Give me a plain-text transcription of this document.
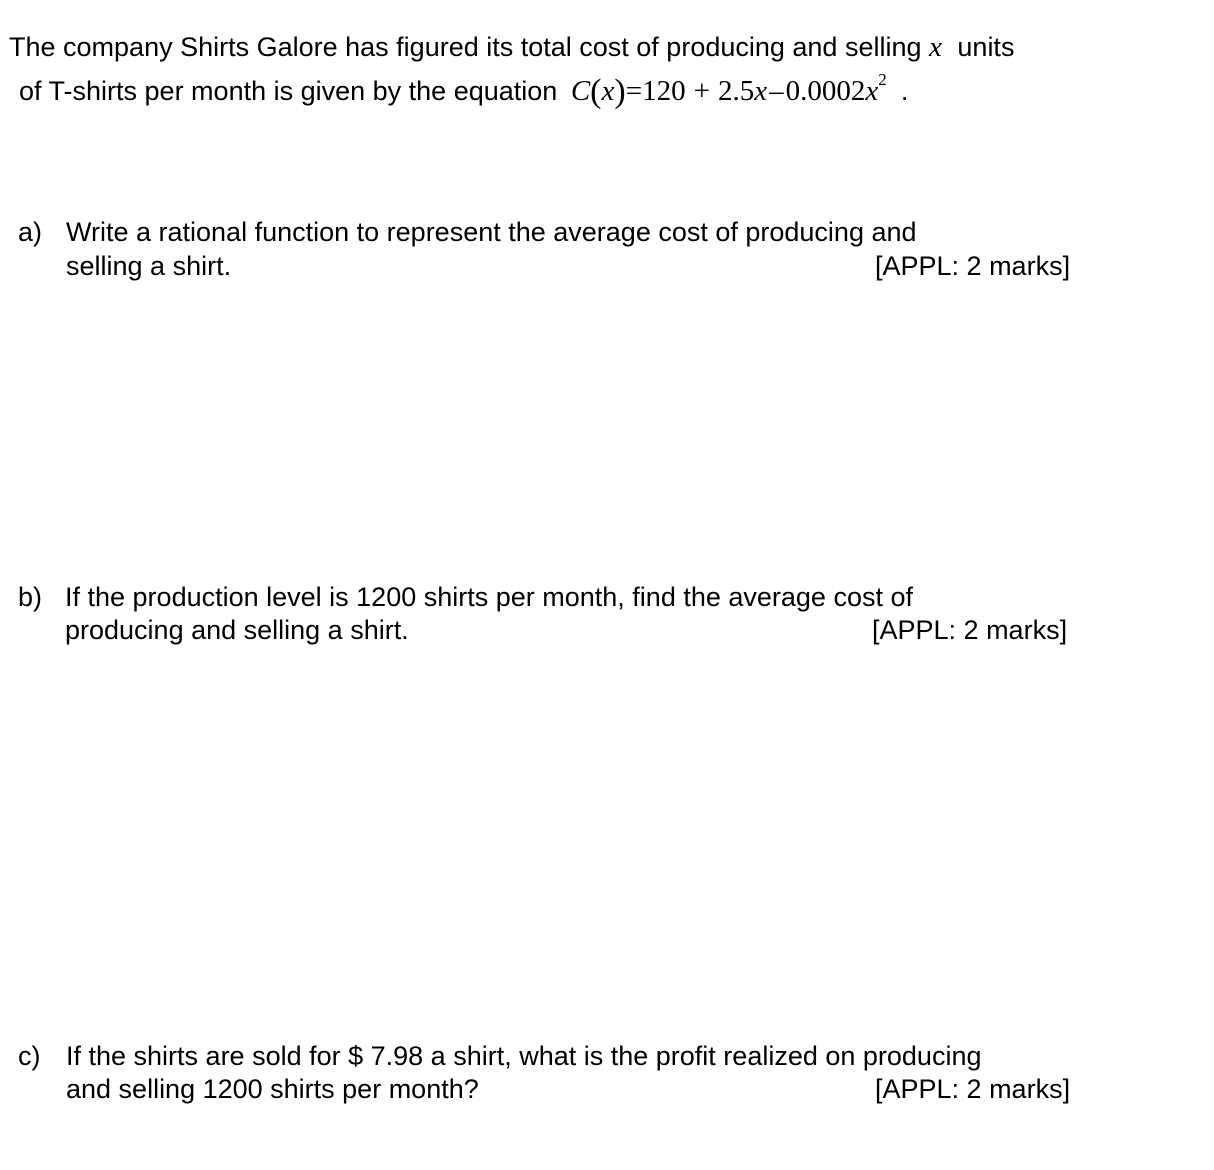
The company Shirts Galore has figured its total cost of producing and selling x units
of T-shirts per month is given by the equation $C(x)=120 + 2.5x-0.0002x^2$ .
a) Write a rational function to represent the average cost of producing and
selling a shirt.	[APPL: 2 marks]
b) If the production level is 1200 shirts per month, find the average cost of
producing and selling a shirt.	[APPL: 2 marks]
c) If the shirts are sold for $ 7.98 a shirt, what is the profit realized on producing
and selling 1200 shirts per month?	[APPL: 2 marks]
